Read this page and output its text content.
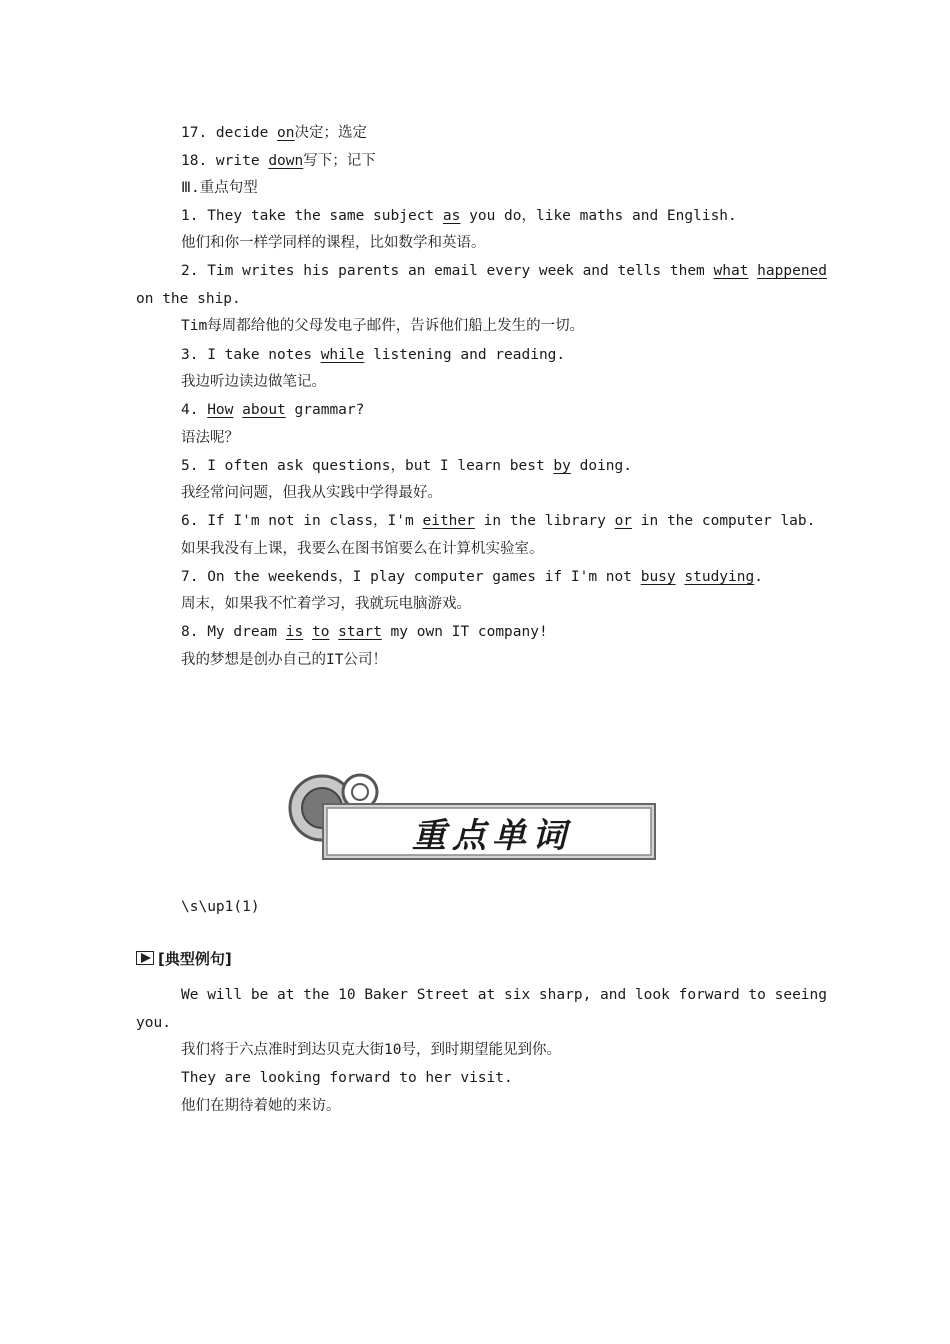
17. decide on决定；选定
18. write down写下；记下
Ⅲ.重点句型
1. They take the same subject as you do，like maths and English.
他们和你一样学同样的课程，比如数学和英语。
2. Tim writes his parents an email every week and tells them what happened
on the ship.
Tim每周都给他的父母发电子邮件，告诉他们船上发生的一切。
3. I take notes while listening and reading.
我边听边读边做笔记。
4. How about grammar?
语法呢？
5. I often ask questions，but I learn best by doing.
我经常问问题，但我从实践中学得最好。
6. If I'm not in class，I'm either in the library or in the computer lab.
如果我没有上课，我要么在图书馆要么在计算机实验室。
7. On the weekends，I play computer games if I'm not busy studying.
周末，如果我不忙着学习，我就玩电脑游戏。
8. My dream is to start my own IT company!
我的梦想是创办自己的IT公司！
重点单词
\s\up1(1)
[典型例句]
We will be at the 10 Baker Street at six sharp, and look forward to seeing
you.
我们将于六点准时到达贝克大街10号，到时期望能见到你。
They are looking forward to her visit.
他们在期待着她的来访。
